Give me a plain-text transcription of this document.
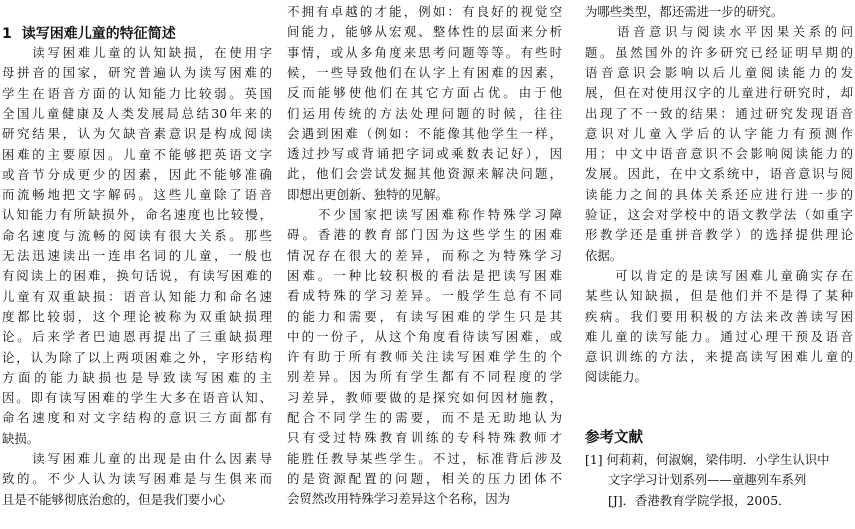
1 读写困难儿童的特征简述
　　读写困难儿童的认知缺损，在使用字
母拼音的国家，研究普遍认为读写困难的
学生在语音方面的认知能力比较弱。英国
全国儿童健康及人类发展局总结30年来的
研究结果，认为欠缺音素意识是构成阅读
困难的主要原因。儿童不能够把英语文字
或音节分成更少的因素，因此不能够准确
而流畅地把文字解码。这些儿童除了语音
认知能力有所缺损外，命名速度也比较慢，
命名速度与流畅的阅读有很大关系。那些
无法迅速读出一连串名词的儿童，一般也
有阅读上的困难，换句话说，有读写困难的
儿童有双重缺损：语音认知能力和命名速
度都比较弱，这个理论被称为双重缺损理
论。后来学者巴迪恩再提出了三重缺损理
论，认为除了以上两项困难之外，字形结构
方面的能力缺损也是导致读写困难的主
因。即有读写困难的学生大多在语音认知、
命名速度和对文字结构的意识三方面都有
缺损。
　　读写困难儿童的出现是由什么因素导
致的。不少人认为读写困难是与生俱来而
且是不能够彻底治愈的，但是我们要小心
不拥有卓越的才能，例如：有良好的视觉空
间能力，能够从宏观、整体性的层面来分析
事情，或从多角度来思考问题等等。有些时
候，一些导致他们在认字上有困难的因素，
反而能够使他们在其它方面占优。由于他
们运用传统的方法处理问题的时候，往往
会遇到困难（例如：不能像其他学生一样，
透过抄写或背诵把字词或乘数表记好），因
此，他们会尝试发掘其他资源来解决问题，
即想出更创新、独特的见解。
　　不少国家把读写困难称作特殊学习障
碍。香港的教育部门因为这些学生的困难
情况存在很大的差异，而称之为特殊学习
困难。一种比较积极的看法是把读写困难
看成特殊的学习差异。一般学生总有不同
的能力和需要，有读写困难的学生只是其
中的一份子，从这个角度看待读写困难，或
许有助于所有教师关注读写困难学生的个
别差异。因为所有学生都有不同程度的学
习差异，教师要做的是探究如何因材施教，
配合不同学生的需要，而不是无助地认为
只有受过特殊教育训练的专科特殊教师才
能胜任教导某些学生。不过，标准背后涉及
的是资源配置的问题，相关的压力团体不
会贸然改用特殊学习差异这个名称，因为
参考文献
[1] 何莉莉，何淑娴，梁伟明．小学生认识中
文字学习计划系列——童趣列车系列
[J]．香港教育学院学报，2005．
为哪些类型，都还需进一步的研究。
　　语音意识与阅读水平因果关系的问
题。虽然国外的许多研究已经证明早期的
语音意识会影响以后儿童阅读能力的发
展，但在对使用汉字的儿童进行研究时，却
出现了不一致的结果：通过研究发现语音
意识对儿童入学后的认字能力有预测作
用；中文中语音意识不会影响阅读能力的
发展。因此，在中文系统中，语音意识与阅
读能力之间的具体关系还应进行进一步的
验证，这会对学校中的语文教学法（如重字
形教学还是重拼音教学）的选择提供理论
依据。
　　可以肯定的是读写困难儿童确实存在
某些认知缺损，但是他们并不是得了某种
疾病。我们要用积极的方法来改善读写困
难儿童的读写能力。通过心理干预及语音
意识训练的方法，来提高读写困难儿童的
阅读能力。
